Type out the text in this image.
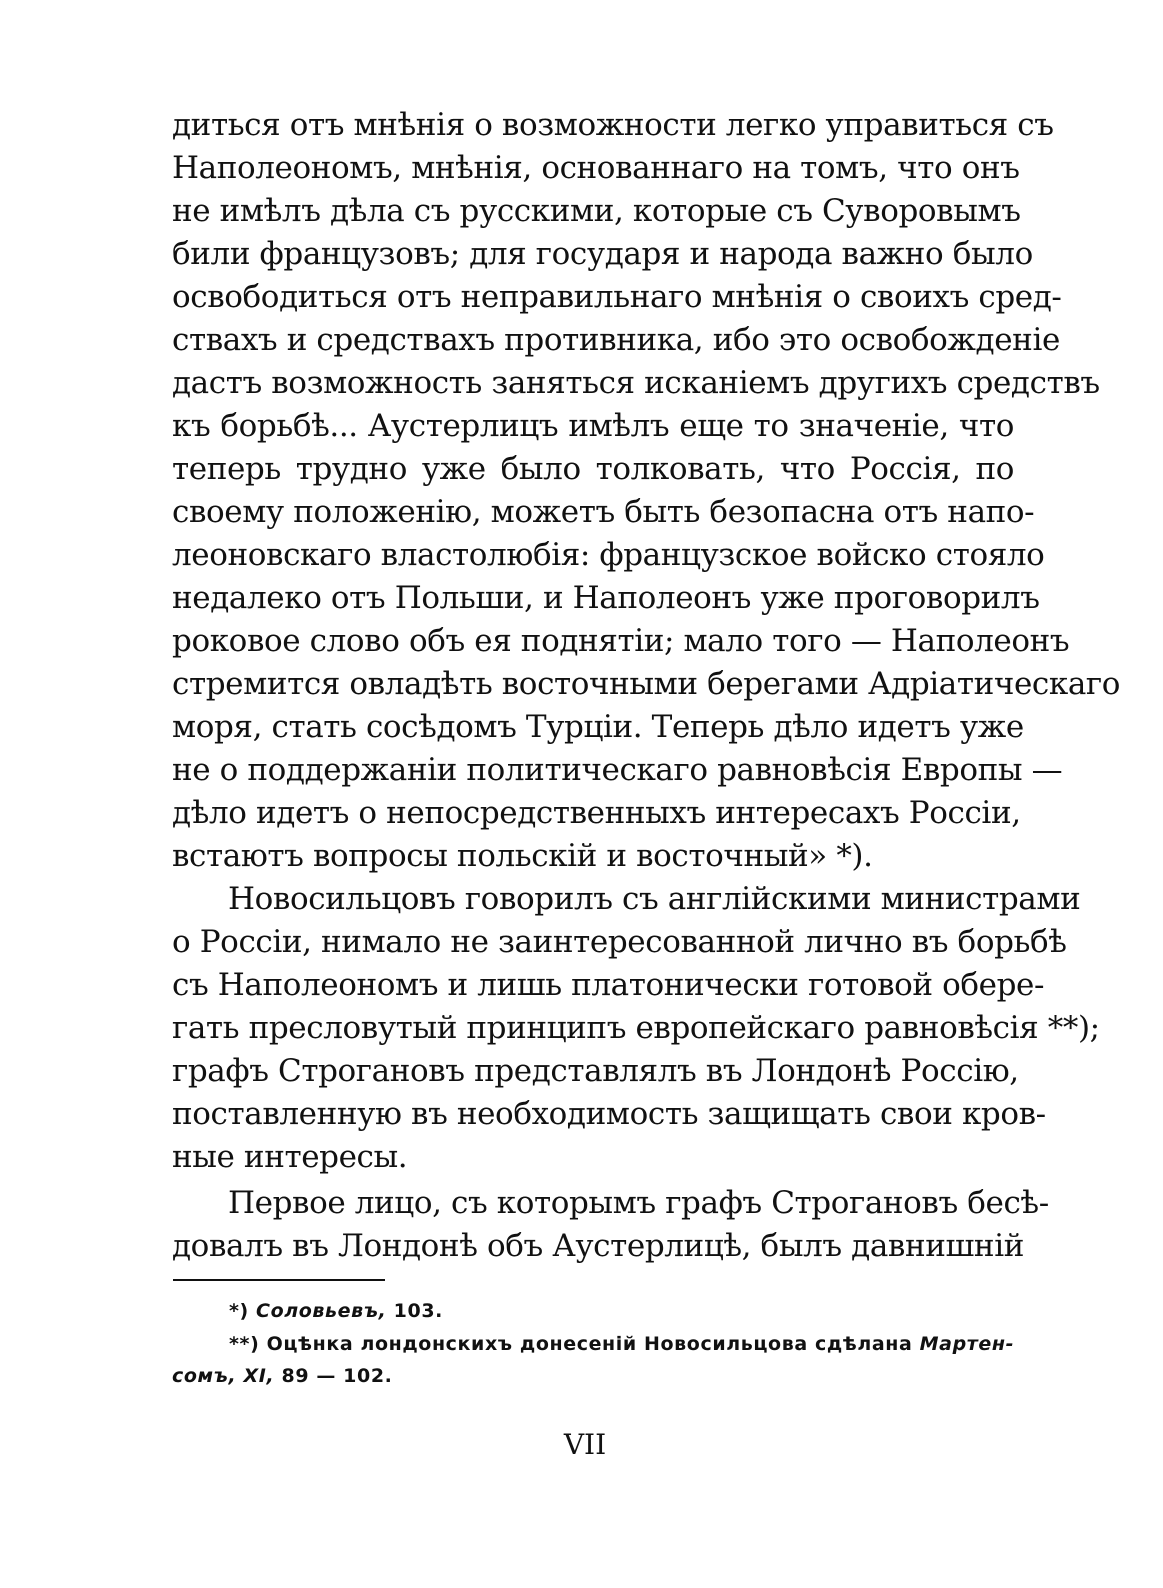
диться отъ мнѣнія о возможности легко управиться съ
Наполеономъ, мнѣнія, основаннаго на томъ, что онъ
не имѣлъ дѣла съ русскими, которые съ Суворовымъ
били французовъ; для государя и народа важно было
освободиться отъ неправильнаго мнѣнія о своихъ сред-
ствахъ и средствахъ противника, ибо это освобожденіе
дастъ возможность заняться исканіемъ другихъ средствъ
къ борьбѣ... Аустерлицъ имѣлъ еще то значеніе, что
теперь трудно уже было толковать, что Россія, по
своему положенію, можетъ быть безопасна отъ напо-
леоновскаго властолюбія: французское войско стояло
недалеко отъ Польши, и Наполеонъ уже проговорилъ
роковое слово объ ея поднятіи; мало того — Наполеонъ
стремится овладѣть восточными берегами Адріатическаго
моря, стать сосѣдомъ Турціи. Теперь дѣло идетъ уже
не о поддержаніи политическаго равновѣсія Европы —
дѣло идетъ о непосредственныхъ интересахъ Россіи,
встаютъ вопросы польскій и восточный» *).
Новосильцовъ говорилъ съ англійскими министрами
о Россіи, нимало не заинтересованной лично въ борьбѣ
съ Наполеономъ и лишь платонически готовой обере-
гать пресловутый принципъ европейскаго равновѣсія **);
графъ Строгановъ представлялъ въ Лондонѣ Россію,
поставленную въ необходимость защищать свои кров-
ные интересы.
Первое лицо, съ которымъ графъ Строгановъ бесѣ-
довалъ въ Лондонѣ объ Аустерлицѣ, былъ давнишній
*) Соловьевъ, 103.
**) Оцѣнка лондонскихъ донесеній Новосильцова сдѣлана Мартен-
сомъ, XI, 89 — 102.
VII
